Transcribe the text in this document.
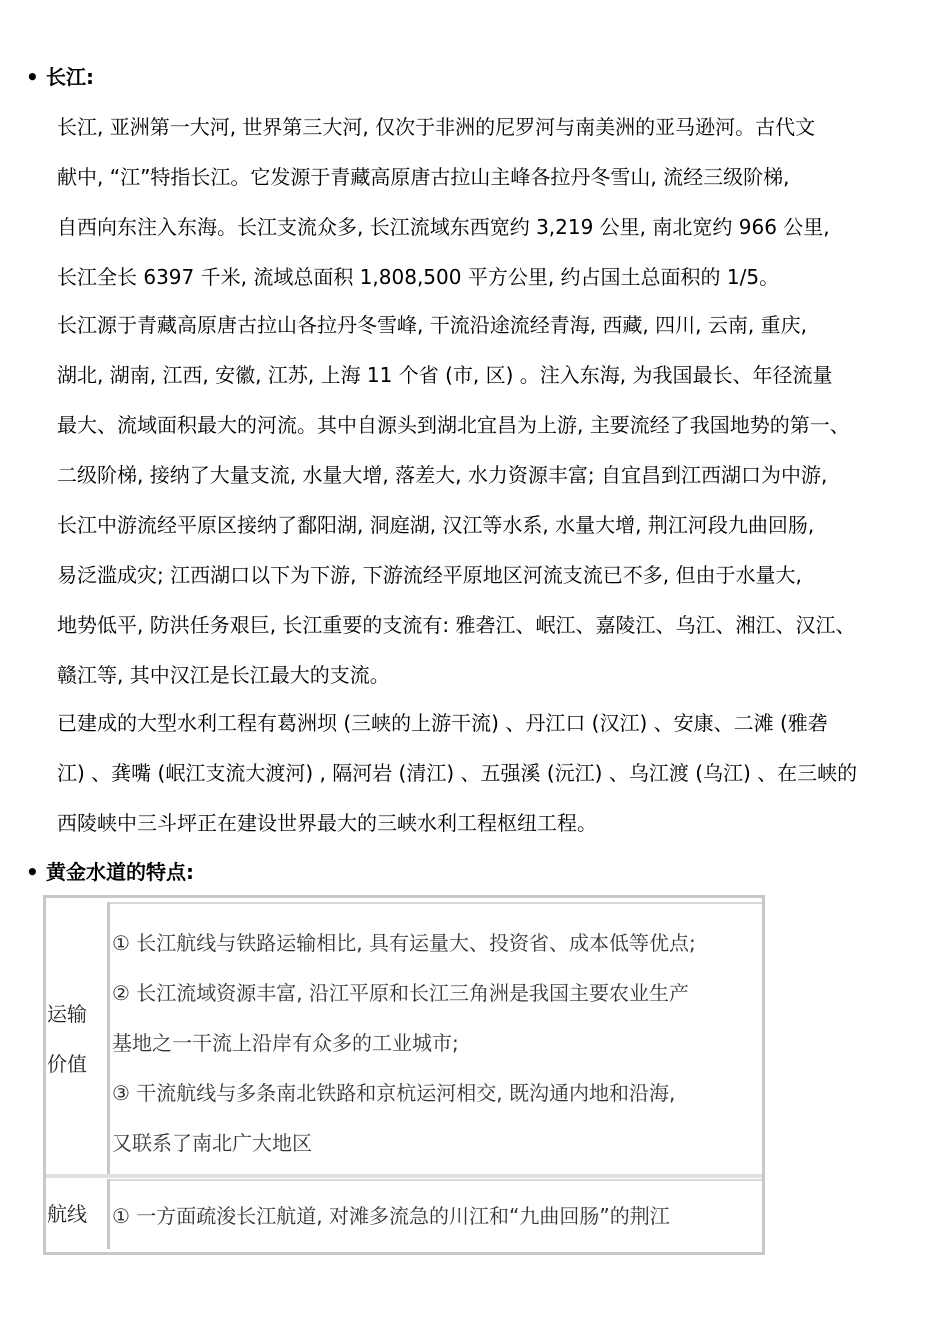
• 长江:
长江, 亚洲第一大河, 世界第三大河, 仅次于非洲的尼罗河与南美洲的亚马逊河。古代文
献中, “江”特指长江。它发源于青藏高原唐古拉山主峰各拉丹冬雪山, 流经三级阶梯,
自西向东注入东海。长江支流众多, 长江流域东西宽约 3,219 公里, 南北宽约 966 公里,
长江全长 6397 千米, 流域总面积 1,808,500 平方公里, 约占国土总面积的 1/5。
长江源于青藏高原唐古拉山各拉丹冬雪峰, 干流沿途流经青海, 西藏, 四川, 云南, 重庆,
湖北, 湖南, 江西, 安徽, 江苏, 上海 11 个省 (市, 区) 。注入东海, 为我国最长、年径流量
最大、流域面积最大的河流。其中自源头到湖北宜昌为上游, 主要流经了我国地势的第一、
二级阶梯, 接纳了大量支流, 水量大增, 落差大, 水力资源丰富; 自宜昌到江西湖口为中游,
长江中游流经平原区接纳了鄱阳湖, 洞庭湖, 汉江等水系, 水量大增, 荆江河段九曲回肠,
易泛滥成灾; 江西湖口以下为下游, 下游流经平原地区河流支流已不多, 但由于水量大,
地势低平, 防洪任务艰巨, 长江重要的支流有: 雅砻江、岷江、嘉陵江、乌江、湘江、汉江、
赣江等, 其中汉江是长江最大的支流。
已建成的大型水利工程有葛洲坝 (三峡的上游干流) 、丹江口 (汉江) 、安康、二滩 (雅砻
江) 、龚嘴 (岷江支流大渡河) , 隔河岩 (清江) 、五强溪 (沅江) 、乌江渡 (乌江) 、在三峡的
西陵峡中三斗坪正在建设世界最大的三峡水利工程枢纽工程。
• 黄金水道的特点:
运输
价值
① 长江航线与铁路运输相比, 具有运量大、投资省、成本低等优点;
② 长江流域资源丰富, 沿江平原和长江三角洲是我国主要农业生产
基地之一干流上沿岸有众多的工业城市;
③ 干流航线与多条南北铁路和京杭运河相交, 既沟通内地和沿海,
又联系了南北广大地区
航线 ① 一方面疏浚长江航道, 对滩多流急的川江和“九曲回肠”的荆江
